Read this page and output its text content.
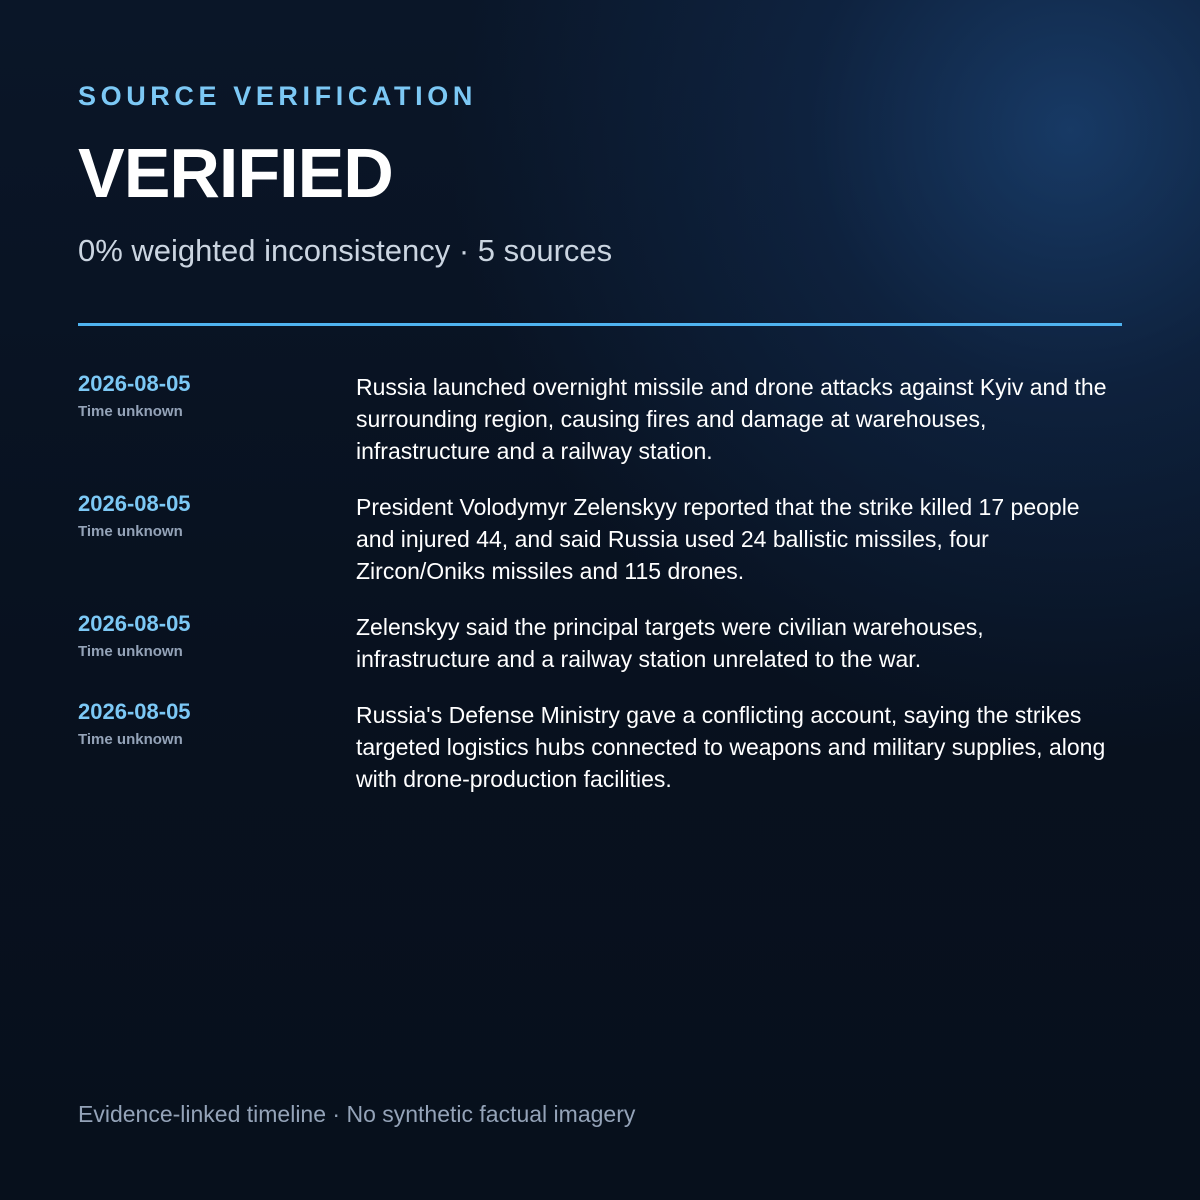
SOURCE VERIFICATION
VERIFIED
0% weighted inconsistency · 5 sources
2026-08-05
Time unknown
Russia launched overnight missile and drone attacks against Kyiv and the surrounding region, causing fires and damage at warehouses, infrastructure and a railway station.
2026-08-05
Time unknown
President Volodymyr Zelenskyy reported that the strike killed 17 people and injured 44, and said Russia used 24 ballistic missiles, four Zircon/Oniks missiles and 115 drones.
2026-08-05
Time unknown
Zelenskyy said the principal targets were civilian warehouses, infrastructure and a railway station unrelated to the war.
2026-08-05
Time unknown
Russia's Defense Ministry gave a conflicting account, saying the strikes targeted logistics hubs connected to weapons and military supplies, along with drone-production facilities.
Evidence-linked timeline · No synthetic factual imagery
